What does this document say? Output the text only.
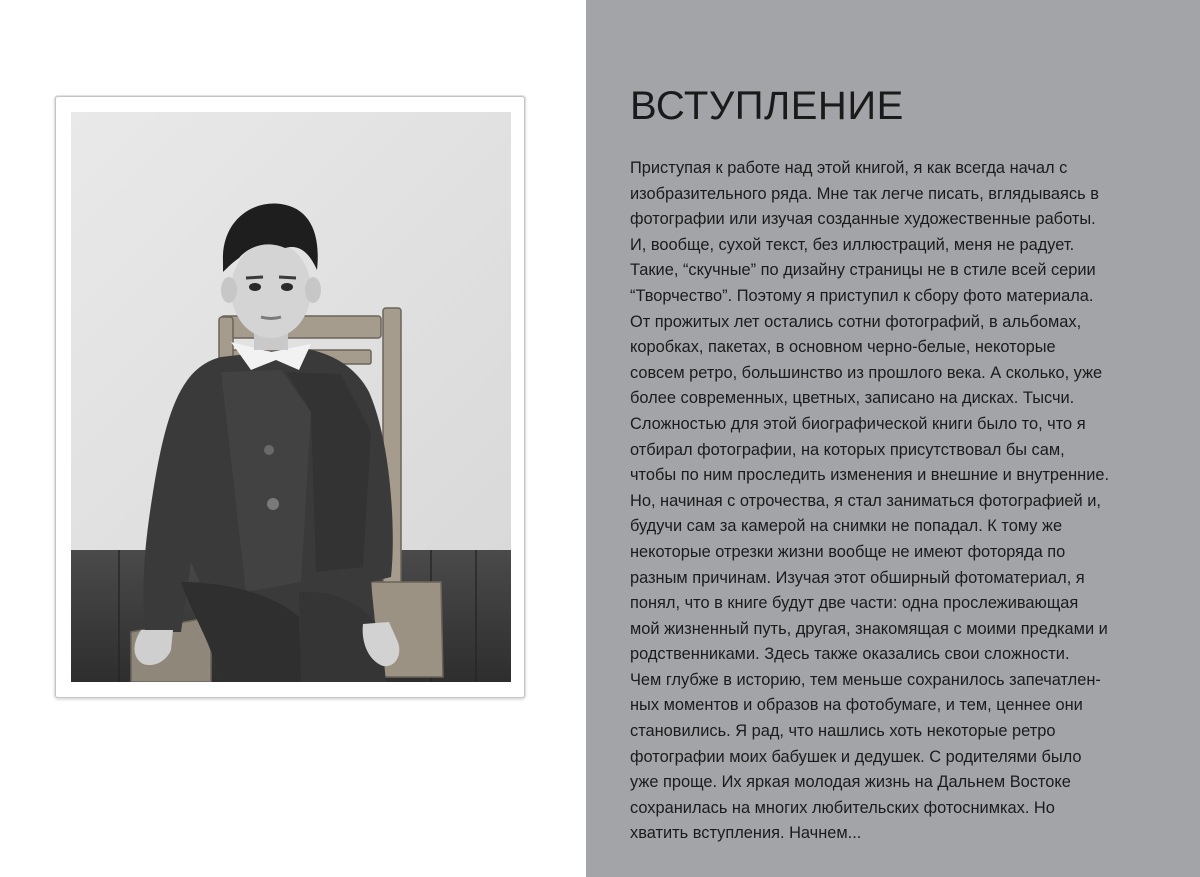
ВСТУПЛЕНИЕ
Приступая к работе над этой книгой, я как всегда начал с
изобразительного ряда. Мне так легче писать, вглядываясь в
фотографии или изучая созданные художественные работы.
И, вообще, сухой текст, без иллюстраций, меня не радует.
Такие, “скучные” по дизайну страницы не в стиле всей серии
“Творчество”. Поэтому я приступил к сбору фото материала.
От прожитых лет остались сотни фотографий, в альбомах,
коробках, пакетах, в основном черно-белые, некоторые
совсем ретро, большинство из прошлого века. А сколько, уже
более современных, цветных, записано на дисках. Тысчи.
Сложностью для этой биографической книги было то, что я
отбирал фотографии, на которых присутствовал бы сам,
чтобы по ним проследить изменения и внешние и внутренние.
Но, начиная с отрочества, я стал заниматься фотографией и,
будучи сам за камерой на снимки не попадал. К тому же
некоторые отрезки жизни вообще не имеют фоторяда по
разным причинам. Изучая этот обширный фотоматериал, я
понял, что в книге будут две части: одна прослеживающая
мой жизненный путь, другая, знакомящая с моими предками и
родственниками. Здесь также оказались свои сложности.
Чем глубже в историю, тем меньше сохранилось запечатлен-
ных моментов и образов на фотобумаге, и тем, ценнее они
становились. Я рад, что нашлись хоть некоторые ретро
фотографии моих бабушек и дедушек. С родителями было
уже проще. Их яркая молодая жизнь на Дальнем Востоке
сохранилась на многих любительских фотоснимках. Но
хватить вступления. Начнем...
